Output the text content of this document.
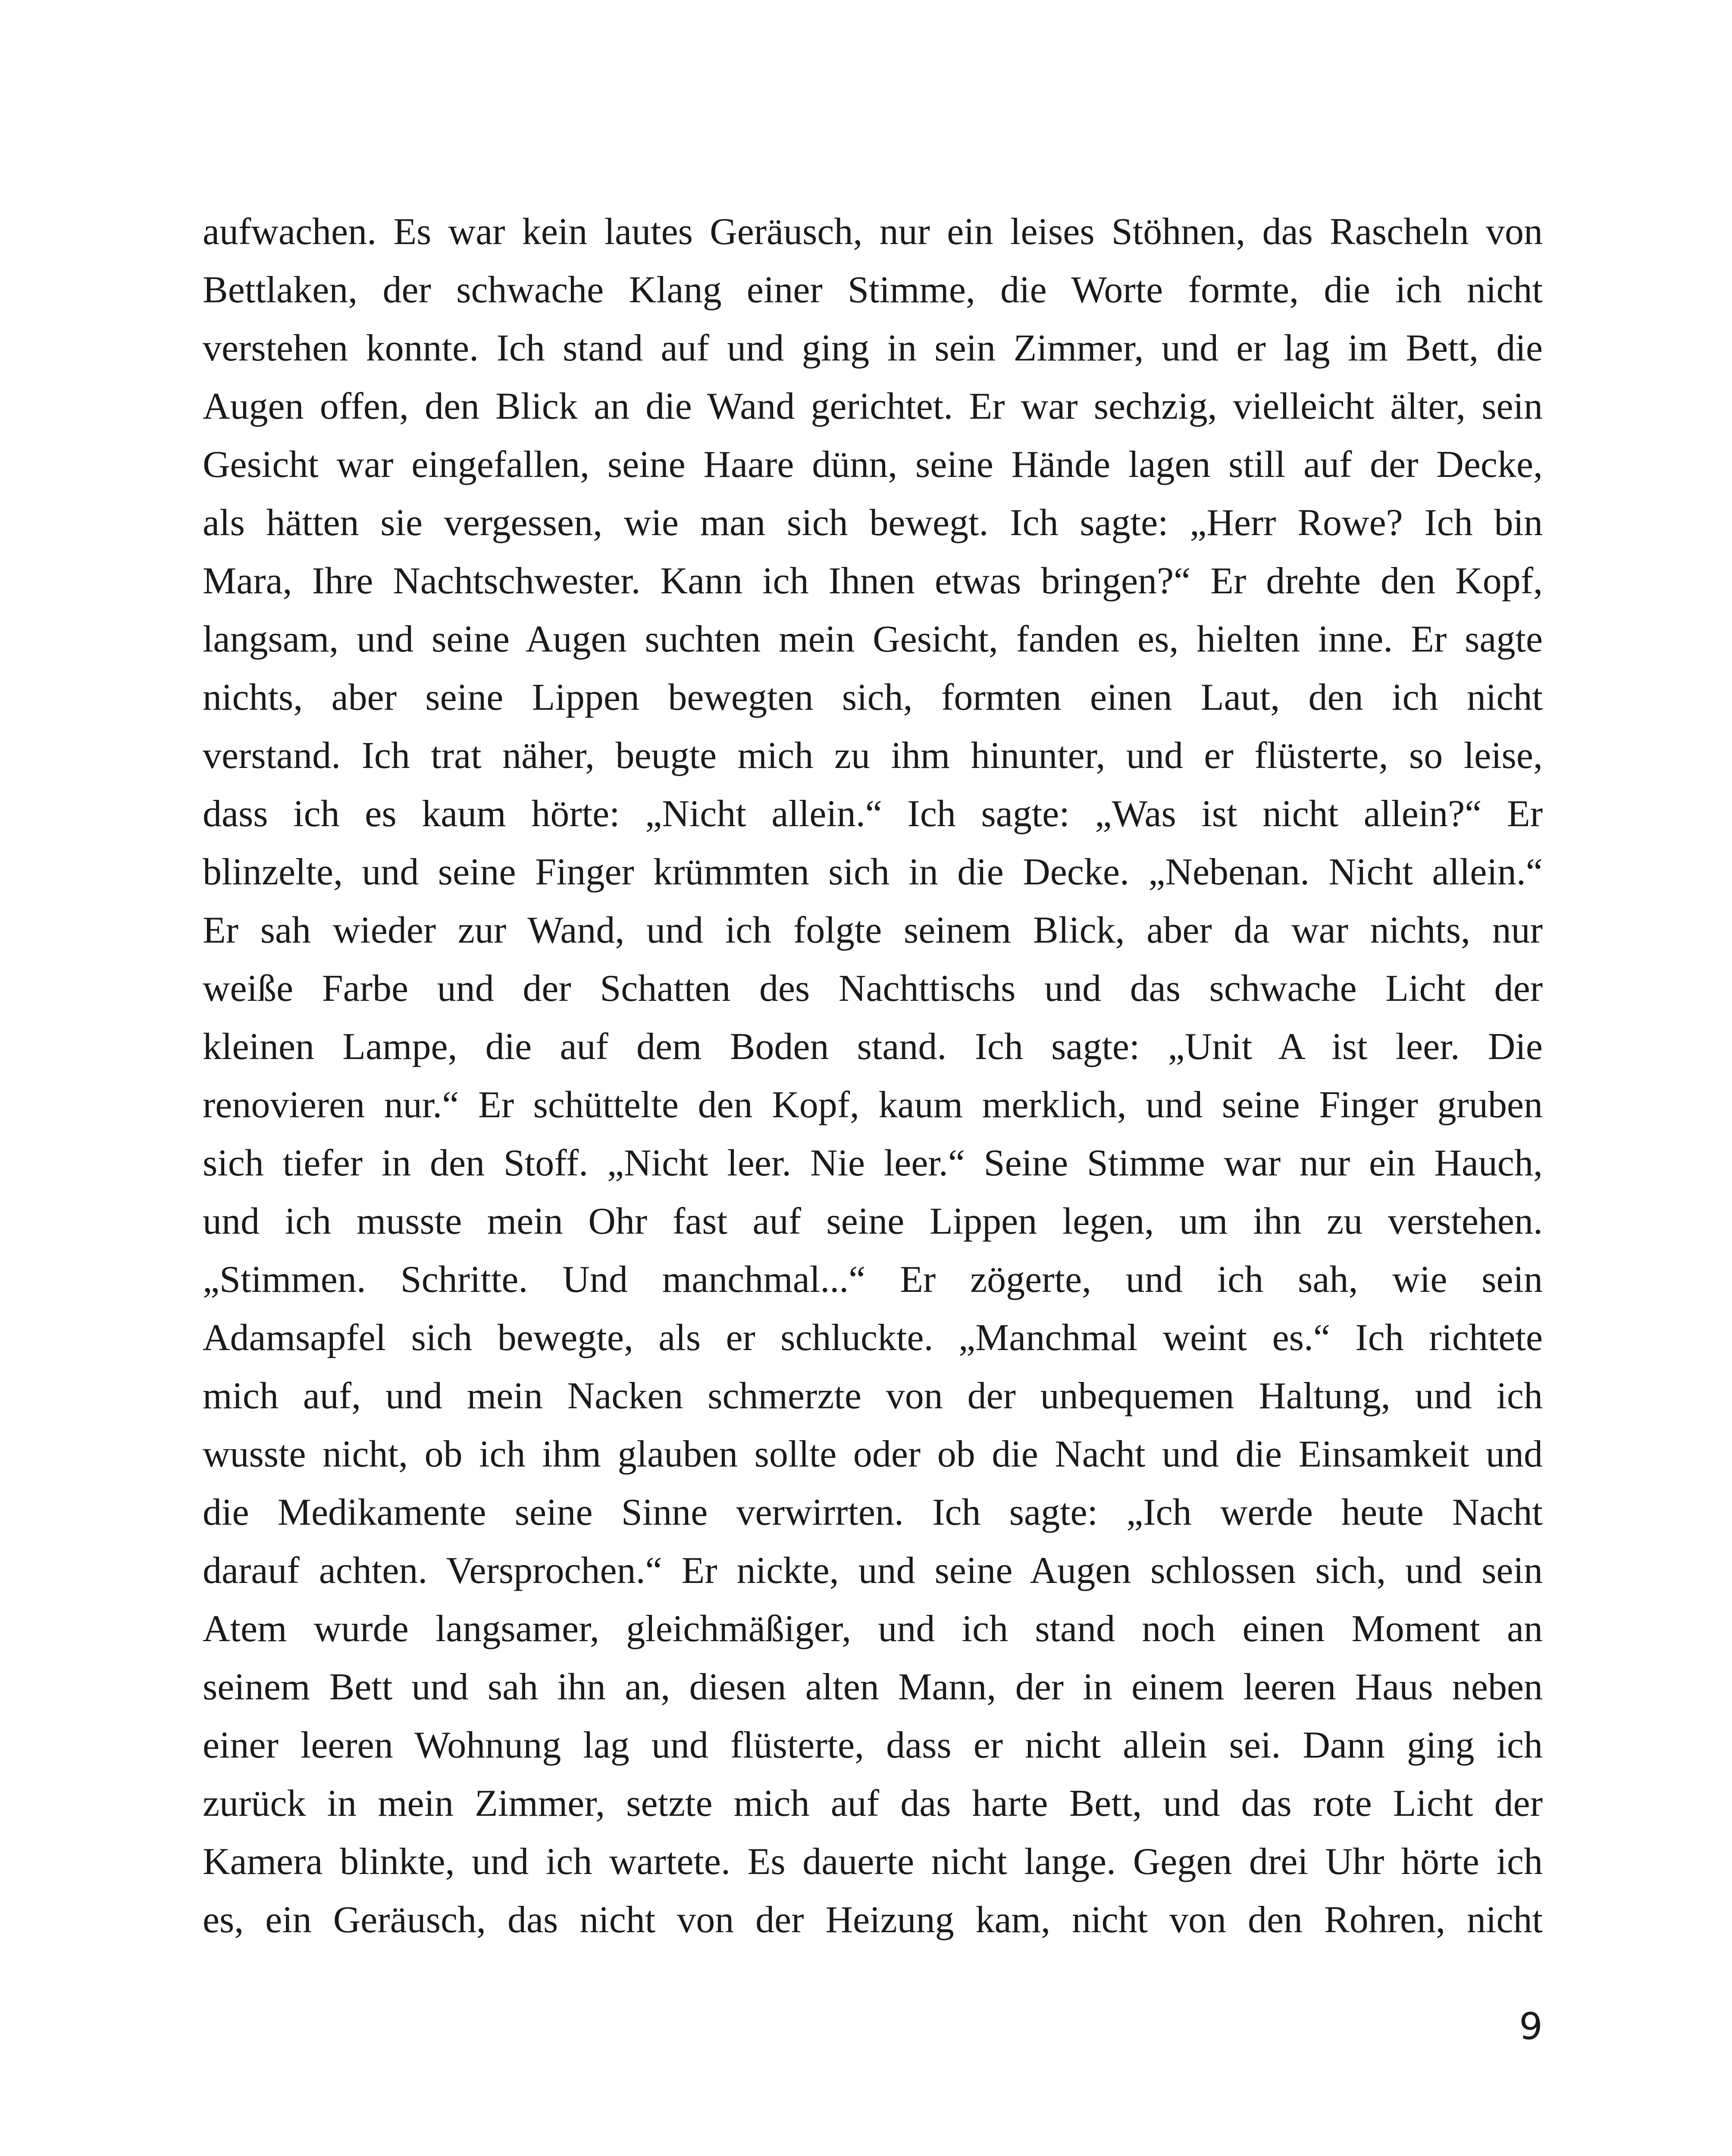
aufwachen. Es war kein lautes Geräusch, nur ein leises Stöhnen, das Rascheln von
Bettlaken, der schwache Klang einer Stimme, die Worte formte, die ich nicht
verstehen konnte. Ich stand auf und ging in sein Zimmer, und er lag im Bett, die
Augen offen, den Blick an die Wand gerichtet. Er war sechzig, vielleicht älter, sein
Gesicht war eingefallen, seine Haare dünn, seine Hände lagen still auf der Decke,
als hätten sie vergessen, wie man sich bewegt. Ich sagte: „Herr Rowe? Ich bin
Mara, Ihre Nachtschwester. Kann ich Ihnen etwas bringen?“ Er drehte den Kopf,
langsam, und seine Augen suchten mein Gesicht, fanden es, hielten inne. Er sagte
nichts, aber seine Lippen bewegten sich, formten einen Laut, den ich nicht
verstand. Ich trat näher, beugte mich zu ihm hinunter, und er flüsterte, so leise,
dass ich es kaum hörte: „Nicht allein.“ Ich sagte: „Was ist nicht allein?“ Er
blinzelte, und seine Finger krümmten sich in die Decke. „Nebenan. Nicht allein.“
Er sah wieder zur Wand, und ich folgte seinem Blick, aber da war nichts, nur
weiße Farbe und der Schatten des Nachttischs und das schwache Licht der
kleinen Lampe, die auf dem Boden stand. Ich sagte: „Unit A ist leer. Die
renovieren nur.“ Er schüttelte den Kopf, kaum merklich, und seine Finger gruben
sich tiefer in den Stoff. „Nicht leer. Nie leer.“ Seine Stimme war nur ein Hauch,
und ich musste mein Ohr fast auf seine Lippen legen, um ihn zu verstehen.
„Stimmen. Schritte. Und manchmal...“ Er zögerte, und ich sah, wie sein
Adamsapfel sich bewegte, als er schluckte. „Manchmal weint es.“ Ich richtete
mich auf, und mein Nacken schmerzte von der unbequemen Haltung, und ich
wusste nicht, ob ich ihm glauben sollte oder ob die Nacht und die Einsamkeit und
die Medikamente seine Sinne verwirrten. Ich sagte: „Ich werde heute Nacht
darauf achten. Versprochen.“ Er nickte, und seine Augen schlossen sich, und sein
Atem wurde langsamer, gleichmäßiger, und ich stand noch einen Moment an
seinem Bett und sah ihn an, diesen alten Mann, der in einem leeren Haus neben
einer leeren Wohnung lag und flüsterte, dass er nicht allein sei. Dann ging ich
zurück in mein Zimmer, setzte mich auf das harte Bett, und das rote Licht der
Kamera blinkte, und ich wartete. Es dauerte nicht lange. Gegen drei Uhr hörte ich
es, ein Geräusch, das nicht von der Heizung kam, nicht von den Rohren, nicht
9
